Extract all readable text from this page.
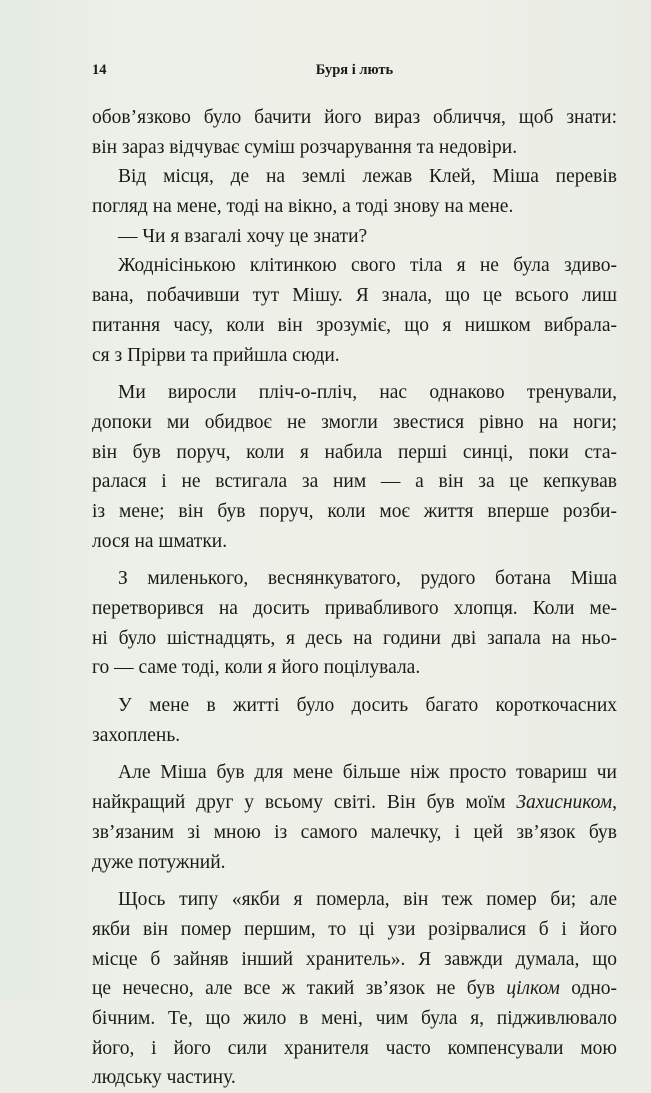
14	Буря і лють
обов’язково було бачити його вираз обличчя, щоб знати:
він зараз відчуває суміш розчарування та недовіри.
Від місця, де на землі лежав Клей, Міша перевів
погляд на мене, тоді на вікно, а тоді знову на мене.
— Чи я взагалі хочу це знати?
Жоднісінькою клітинкою свого тіла я не була здиво-
вана, побачивши тут Мішу. Я знала, що це всього лиш
питання часу, коли він зрозуміє, що я нишком вибрала-
ся з Прірви та прийшла сюди.
Ми виросли пліч-о-пліч, нас однаково тренували,
допоки ми обидвоє не змогли звестися рівно на ноги;
він був поруч, коли я набила перші синці, поки ста-
ралася і не встигала за ним — а він за це кепкував
із мене; він був поруч, коли моє життя вперше розби-
лося на шматки.
З миленького, веснянкуватого, рудого ботана Міша
перетворився на досить привабливого хлопця. Коли ме-
ні було шістнадцять, я десь на години дві запала на ньо-
го — саме тоді, коли я його поцілувала.
У мене в житті було досить багато короткочасних
захоплень.
Але Міша був для мене більше ніж просто товариш чи
найкращий друг у всьому світі. Він був моїм Захисником,
зв’язаним зі мною із самого малечку, і цей зв’язок був
дуже потужний.
Щось типу «якби я померла, він теж помер би; але
якби він помер першим, то ці узи розірвалися б і його
місце б зайняв інший хранитель». Я завжди думала, що
це нечесно, але все ж такий зв’язок не був цілком одно-
бічним. Те, що жило в мені, чим була я, підживлювало
його, і його сили хранителя часто компенсували мою
людську частину.
